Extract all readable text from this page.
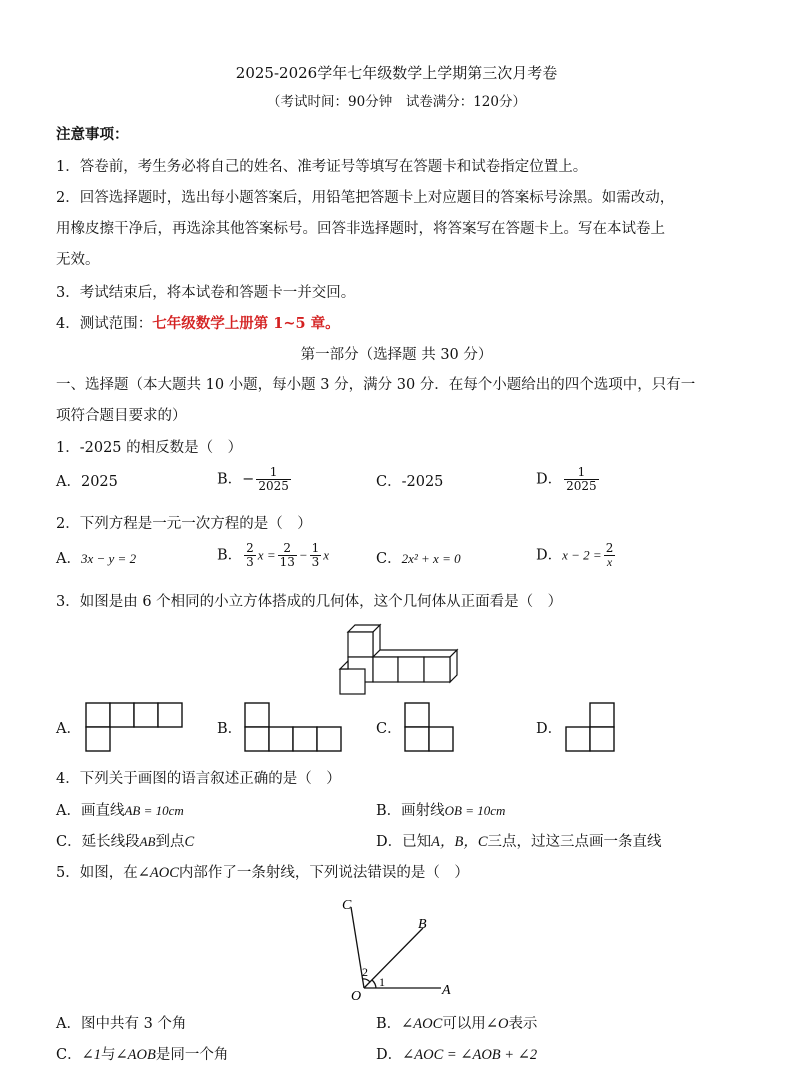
2025-2026学年七年级数学上学期第三次月考卷
（考试时间：90分钟　试卷满分：120分）
注意事项：
1．答卷前，考生务必将自己的姓名、准考证号等填写在答题卡和试卷指定位置上。
2．回答选择题时，选出每小题答案后，用铅笔把答题卡上对应题目的答案标号涂黑。如需改动，
用橡皮擦干净后，再选涂其他答案标号。回答非选择题时，将答案写在答题卡上。写在本试卷上
无效。
3．考试结束后，将本试卷和答题卡一并交回。
4．测试范围：七年级数学上册第 1~5 章。
第一部分（选择题 共 30 分）
一、选择题（本大题共 10 小题，每小题 3 分，满分 30 分．在每个小题给出的四个选项中，只有一
项符合题目要求的）
1．-2025 的相反数是（　）
A．2025	B．− $\frac{1}{2025}$	C．-2025	D． $\frac{1}{2025}$
2．下列方程是一元一次方程的是（　）
A．3x − y = 2	B． $\frac{2}{3}$ $x = \frac{2}{13} - \frac{1}{3}$ x	C．2x² + x = 0	D．$x - 2 = \frac{2}{x}$
3．如图是由 6 个相同的小立方体搭成的几何体，这个几何体从正面看是（　）
A．	B．	C．	D．
4．下列关于画图的语言叙述正确的是（　）
A．画直线AB = 10cm	B．画射线OB = 10cm
C．延长线段AB到点C	D．已知A，B，C三点，过这三点画一条直线
5．如图，在∠AOC内部作了一条射线，下列说法错误的是（　）
C
B
O	A
1
2
A．图中共有 3 个角	B．∠AOC可以用∠O表示
C．∠1与∠AOB是同一个角	D．∠AOC = ∠AOB + ∠2
